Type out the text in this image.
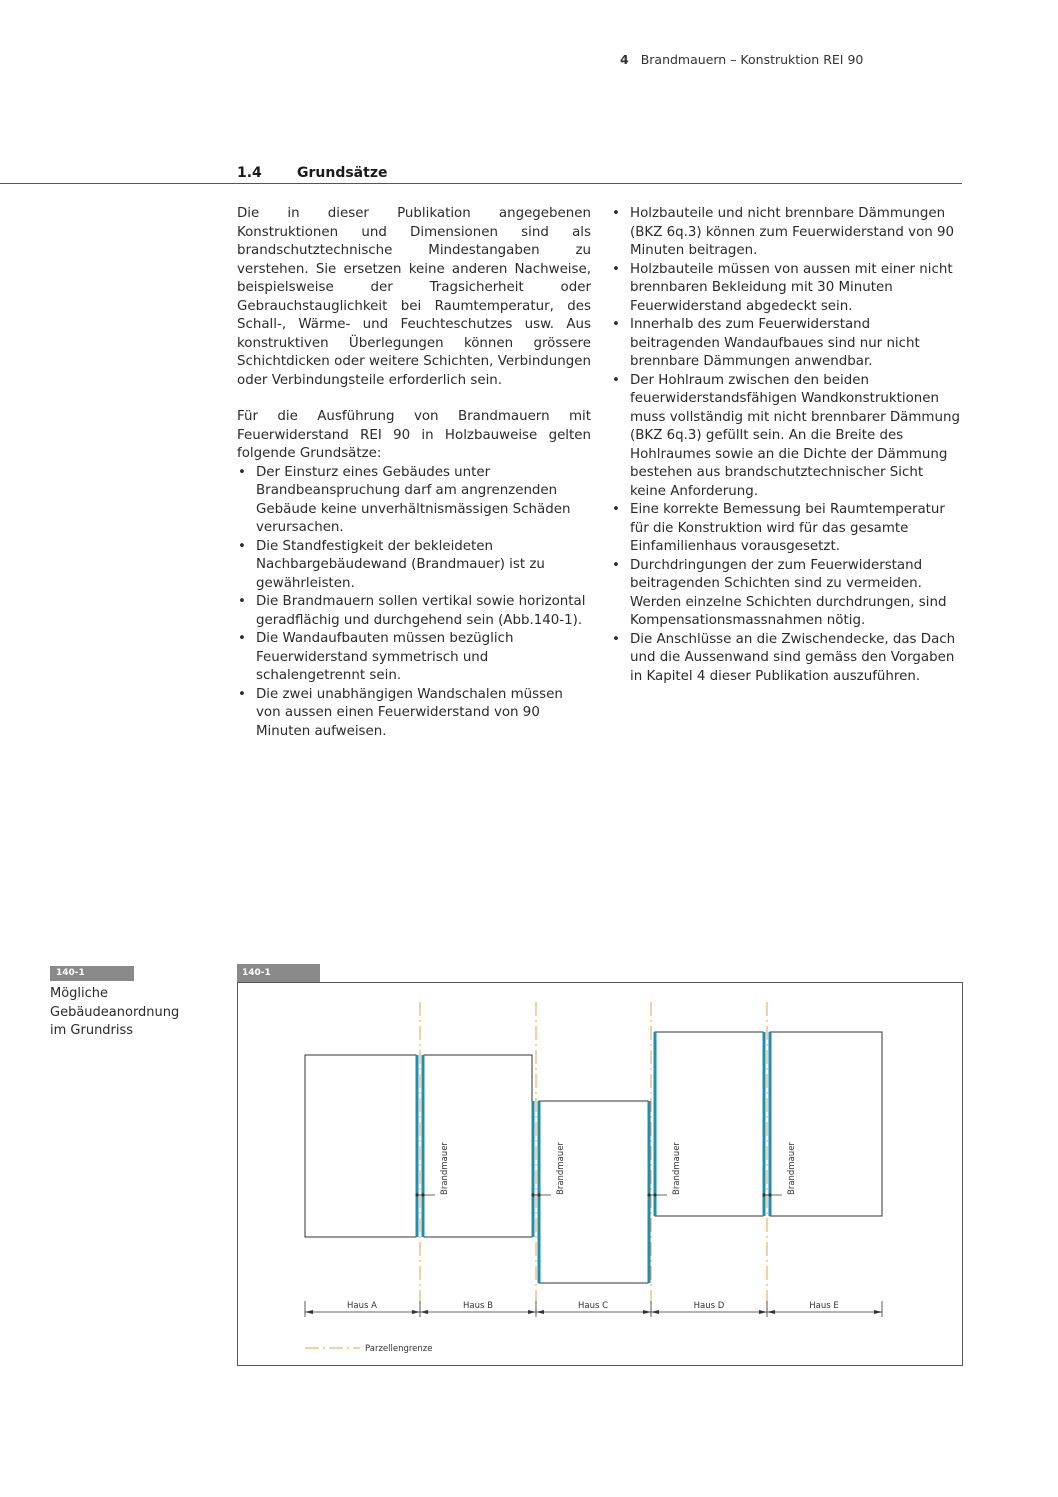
4 Brandmauern – Konstruktion REI 90
1.4	Grundsätze

Die in dieser Publikation angegebenen Konstruktionen und Dimensionen sind als brandschutztechnische Mindestangaben zu verstehen. Sie ersetzen keine anderen Nachweise, beispielsweise der Tragsicherheit oder Gebrauchstauglichkeit bei Raumtemperatur, des Schall-, Wärme- und Feuchteschutzes usw. Aus konstruktiven Überlegungen können grössere Schichtdicken oder weitere Schichten, Verbindungen oder Verbindungsteile erforderlich sein.

Für die Ausführung von Brandmauern mit Feuerwiderstand REI 90 in Holzbauweise gelten folgende Grundsätze:

• Der Einsturz eines Gebäudes unter Brandbeanspruchung darf am angrenzenden Gebäude keine unverhältnismässigen Schäden verursachen.
• Die Standfestigkeit der bekleideten Nachbargebäudewand (Brandmauer) ist zu gewährleisten.
• Die Brandmauern sollen vertikal sowie horizontal geradflächig und durchgehend sein (Abb.140-1).
• Die Wandaufbauten müssen bezüglich Feuerwiderstand symmetrisch und schalengetrennt sein.
• Die zwei unabhängigen Wandschalen müssen von aussen einen Feuerwiderstand von 90 Minuten aufweisen.
• Holzbauteile und nicht brennbare Dämmungen (BKZ 6q.3) können zum Feuerwiderstand von 90 Minuten beitragen.
• Holzbauteile müssen von aussen mit einer nicht brennbaren Bekleidung mit 30 Minuten Feuerwiderstand abgedeckt sein.
• Innerhalb des zum Feuerwiderstand beitragenden Wandaufbaues sind nur nicht brennbare Dämmungen anwendbar.
• Der Hohlraum zwischen den beiden feuerwiderstandsfähigen Wandkonstruktionen muss vollständig mit nicht brennbarer Dämmung (BKZ 6q.3) gefüllt sein. An die Breite des Hohlraumes sowie an die Dichte der Dämmung bestehen aus brandschutztechnischer Sicht keine Anforderung.
• Eine korrekte Bemessung bei Raumtemperatur für die Konstruktion wird für das gesamte Einfamilienhaus vorausgesetzt.
• Durchdringungen der zum Feuerwiderstand beitragenden Schichten sind zu vermeiden. Werden einzelne Schichten durchdrungen, sind Kompensationsmassnahmen nötig.
• Die Anschlüsse an die Zwischendecke, das Dach und die Aussenwand sind gemäss den Vorgaben in Kapitel 4 dieser Publikation auszuführen.
140-1
Mögliche Gebäudeanordnung im Grundriss
140-1
Brandmauer	Brandmauer	Brandmauer	Brandmauer
Haus A	Haus B	Haus C	Haus D	Haus E
Parzellengrenze
